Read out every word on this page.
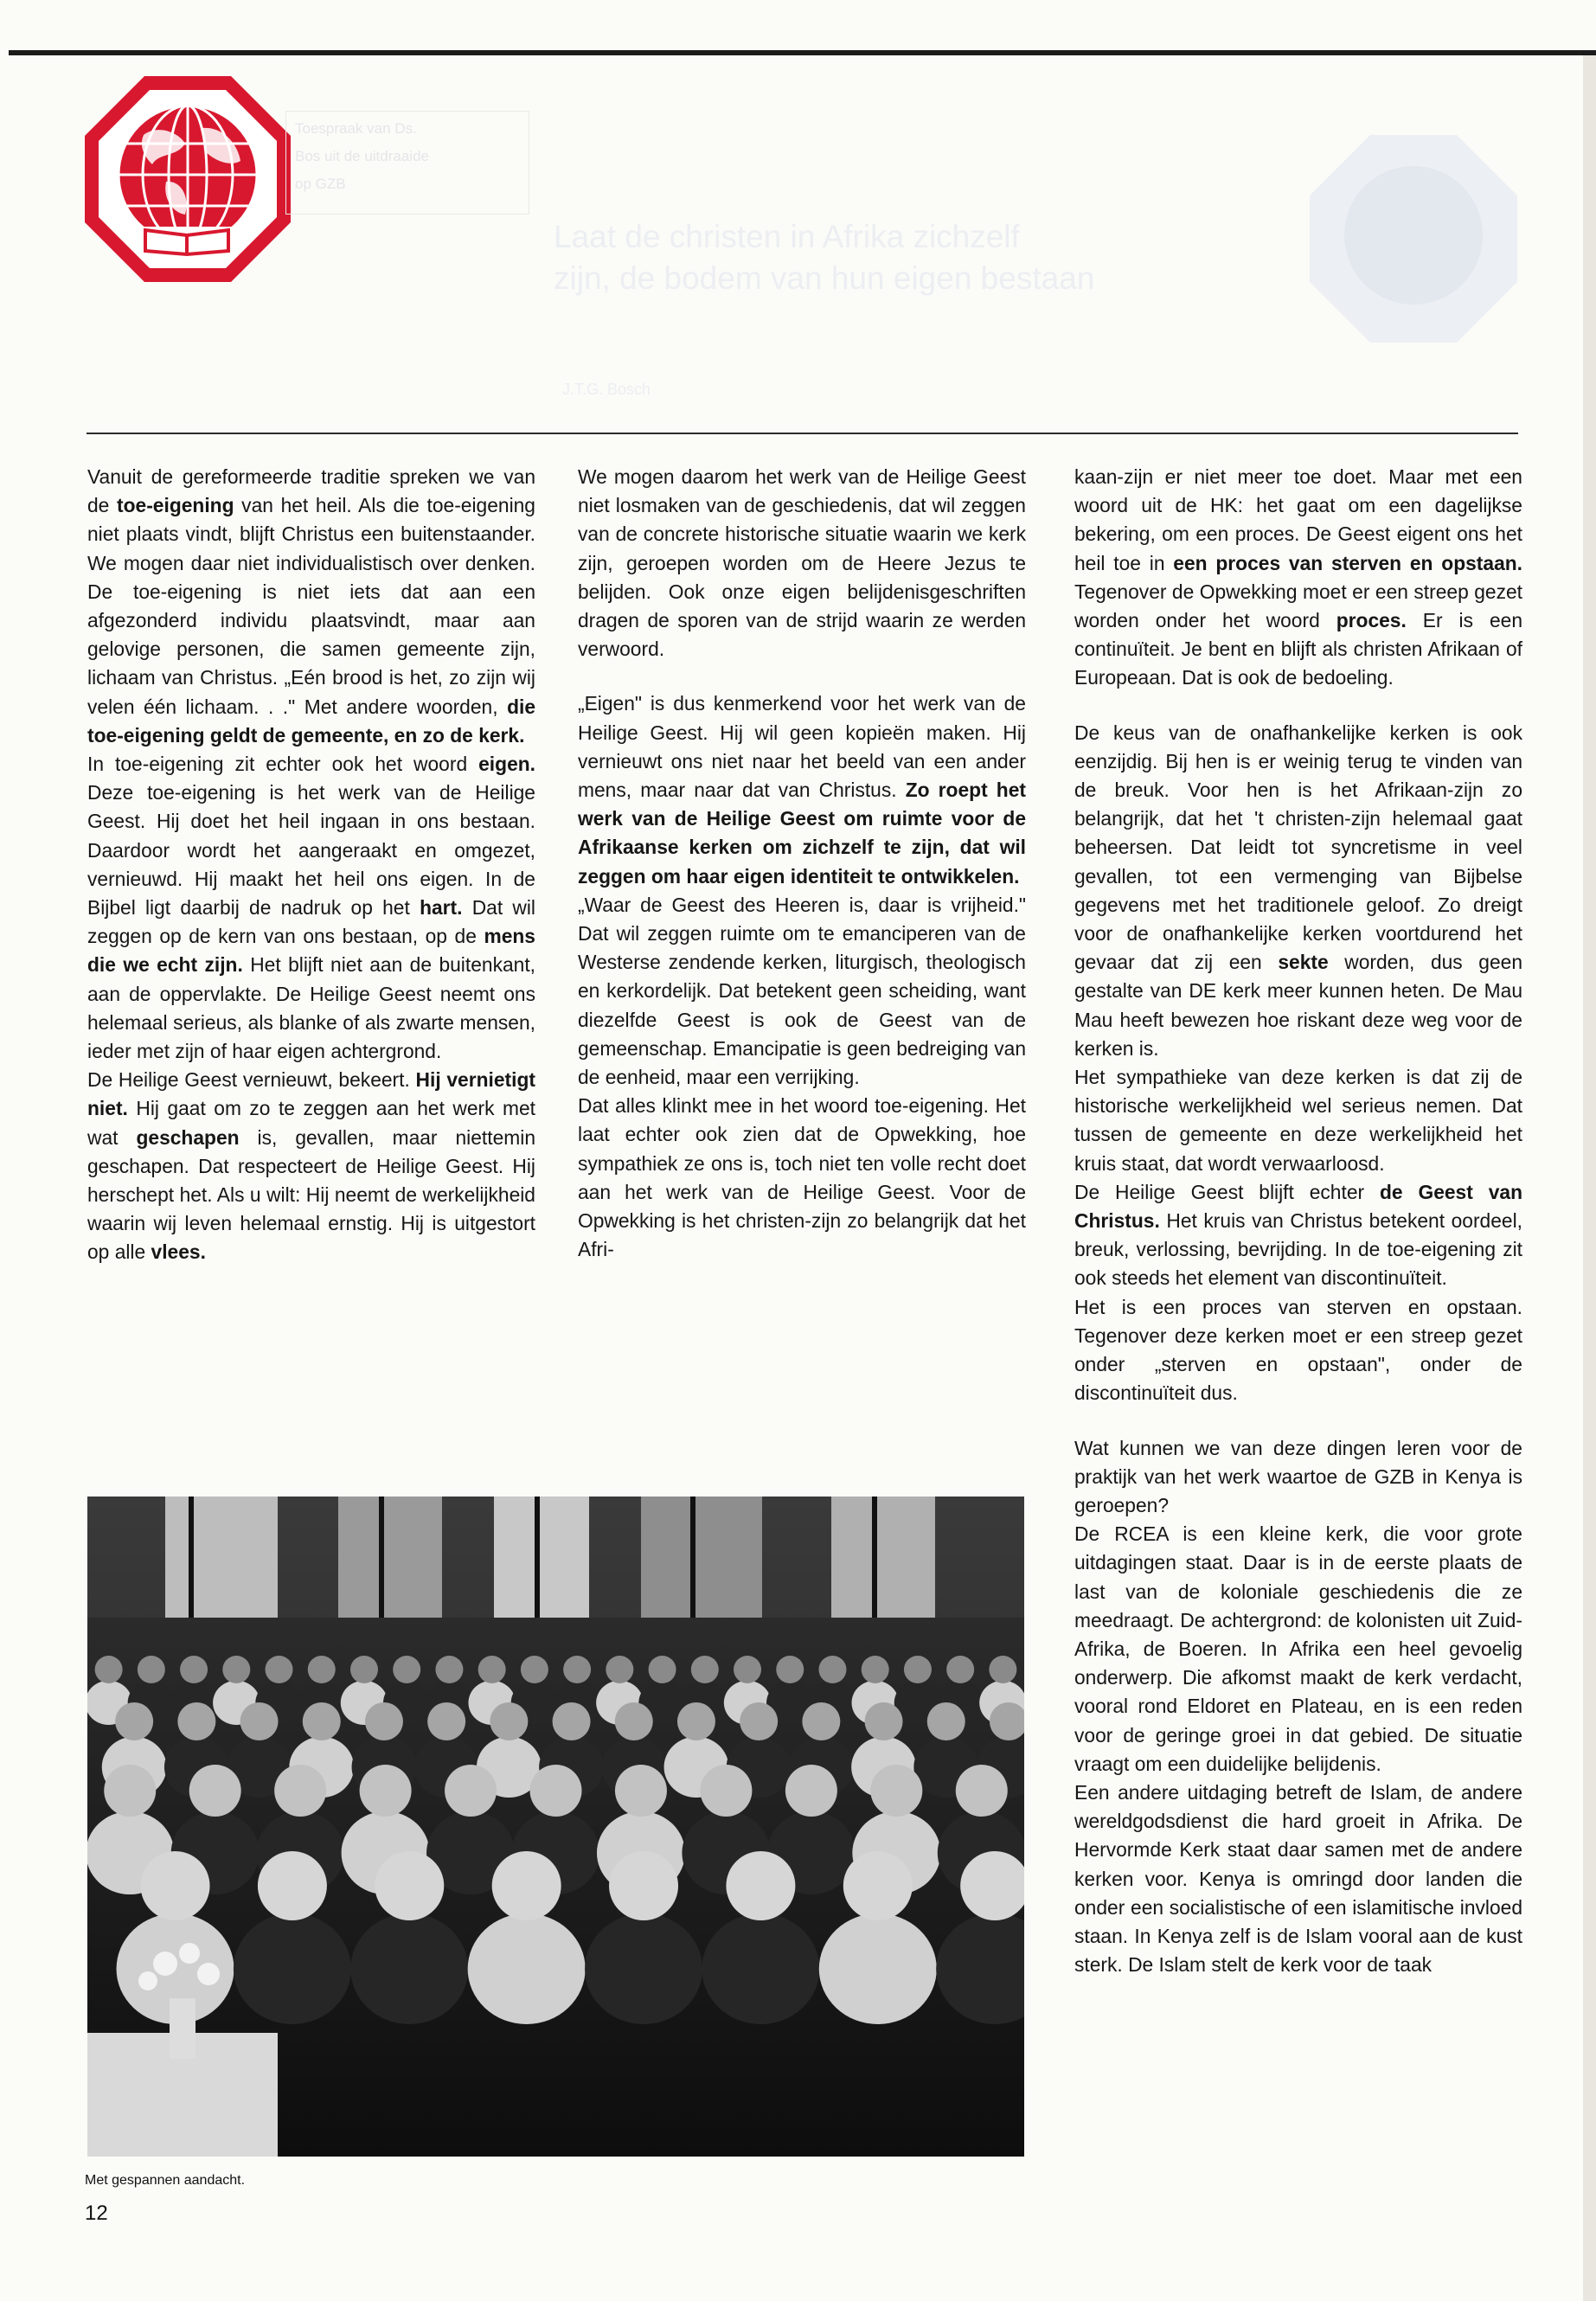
Toespraak van Ds.
Bos uit de uitdraaide
op GZB
Laat de christen in Afrika zichzelf
zijn, de bodem van hun eigen bestaan
J.T.G. Bosch

Vanuit de gereformeerde traditie spreken we van de toe-eigening van het heil. Als die toe-eigening niet plaats vindt, blijft Christus een buitenstaander. We mogen daar niet individualistisch over denken. De toe-eigening is niet iets dat aan een afgezonderd individu plaatsvindt, maar aan gelovige personen, die samen gemeente zijn, lichaam van Christus. „Eén brood is het, zo zijn wij velen één lichaam. . ." Met andere woorden, die toe-eigening geldt de gemeente, en zo de kerk.

In toe-eigening zit echter ook het woord eigen. Deze toe-eigening is het werk van de Heilige Geest. Hij doet het heil ingaan in ons bestaan. Daardoor wordt het aangeraakt en omgezet, vernieuwd. Hij maakt het heil ons eigen. In de Bijbel ligt daarbij de nadruk op het hart. Dat wil zeggen op de kern van ons bestaan, op de mens die we echt zijn. Het blijft niet aan de buitenkant, aan de oppervlakte. De Heilige Geest neemt ons helemaal serieus, als blanke of als zwarte mensen, ieder met zijn of haar eigen achtergrond.

De Heilige Geest vernieuwt, bekeert. Hij vernietigt niet. Hij gaat om zo te zeggen aan het werk met wat geschapen is, gevallen, maar niettemin geschapen. Dat respecteert de Heilige Geest. Hij herschept het. Als u wilt: Hij neemt de werkelijkheid waarin wij leven helemaal ernstig. Hij is uitgestort op alle vlees.

We mogen daarom het werk van de Heilige Geest niet losmaken van de geschiedenis, dat wil zeggen van de concrete historische situatie waarin we kerk zijn, geroepen worden om de Heere Jezus te belijden. Ook onze eigen belijdenisgeschriften dragen de sporen van de strijd waarin ze werden verwoord.

„Eigen" is dus kenmerkend voor het werk van de Heilige Geest. Hij wil geen kopieën maken. Hij vernieuwt ons niet naar het beeld van een ander mens, maar naar dat van Christus. Zo roept het werk van de Heilige Geest om ruimte voor de Afrikaanse kerken om zichzelf te zijn, dat wil zeggen om haar eigen identiteit te ontwikkelen.

„Waar de Geest des Heeren is, daar is vrijheid." Dat wil zeggen ruimte om te emanciperen van de Westerse zendende kerken, liturgisch, theologisch en kerkordelijk. Dat betekent geen scheiding, want diezelfde Geest is ook de Geest van de gemeenschap. Emancipatie is geen bedreiging van de eenheid, maar een verrijking.

Dat alles klinkt mee in het woord toe-eigening. Het laat echter ook zien dat de Opwekking, hoe sympathiek ze ons is, toch niet ten volle recht doet aan het werk van de Heilige Geest. Voor de Opwekking is het christen-zijn zo belangrijk dat het Afri-

kaan-zijn er niet meer toe doet. Maar met een woord uit de HK: het gaat om een dagelijkse bekering, om een proces. De Geest eigent ons het heil toe in een proces van sterven en opstaan. Tegenover de Opwekking moet er een streep gezet worden onder het woord proces. Er is een continuïteit. Je bent en blijft als christen Afrikaan of Europeaan. Dat is ook de bedoeling.

De keus van de onafhankelijke kerken is ook eenzijdig. Bij hen is er weinig terug te vinden van de breuk. Voor hen is het Afrikaan-zijn zo belangrijk, dat het 't christen-zijn helemaal gaat beheersen. Dat leidt tot syncretisme in veel gevallen, tot een vermenging van Bijbelse gegevens met het traditionele geloof. Zo dreigt voor de onafhankelijke kerken voortdurend het gevaar dat zij een sekte worden, dus geen gestalte van DE kerk meer kunnen heten. De Mau Mau heeft bewezen hoe riskant deze weg voor de kerken is.

Het sympathieke van deze kerken is dat zij de historische werkelijkheid wel serieus nemen. Dat tussen de gemeente en deze werkelijkheid het kruis staat, dat wordt verwaarloosd.

De Heilige Geest blijft echter de Geest van Christus. Het kruis van Christus betekent oordeel, breuk, verlossing, bevrijding. In de toe-eigening zit ook steeds het element van discontinuïteit.

Het is een proces van sterven en opstaan. Tegenover deze kerken moet er een streep gezet onder „sterven en opstaan", onder de discontinuïteit dus.

Wat kunnen we van deze dingen leren voor de praktijk van het werk waartoe de GZB in Kenya is geroepen?

De RCEA is een kleine kerk, die voor grote uitdagingen staat. Daar is in de eerste plaats de last van de koloniale geschiedenis die ze meedraagt. De achtergrond: de kolonisten uit Zuid-Afrika, de Boeren. In Afrika een heel gevoelig onderwerp. Die afkomst maakt de kerk verdacht, vooral rond Eldoret en Plateau, en is een reden voor de geringe groei in dat gebied. De situatie vraagt om een duidelijke belijdenis.

Een andere uitdaging betreft de Islam, de andere wereldgodsdienst die hard groeit in Afrika. De Hervormde Kerk staat daar samen met de andere kerken voor. Kenya is omringd door landen die onder een socialistische of een islamitische invloed staan. In Kenya zelf is de Islam vooral aan de kust sterk. De Islam stelt de kerk voor de taak

Met gespannen aandacht.
12
